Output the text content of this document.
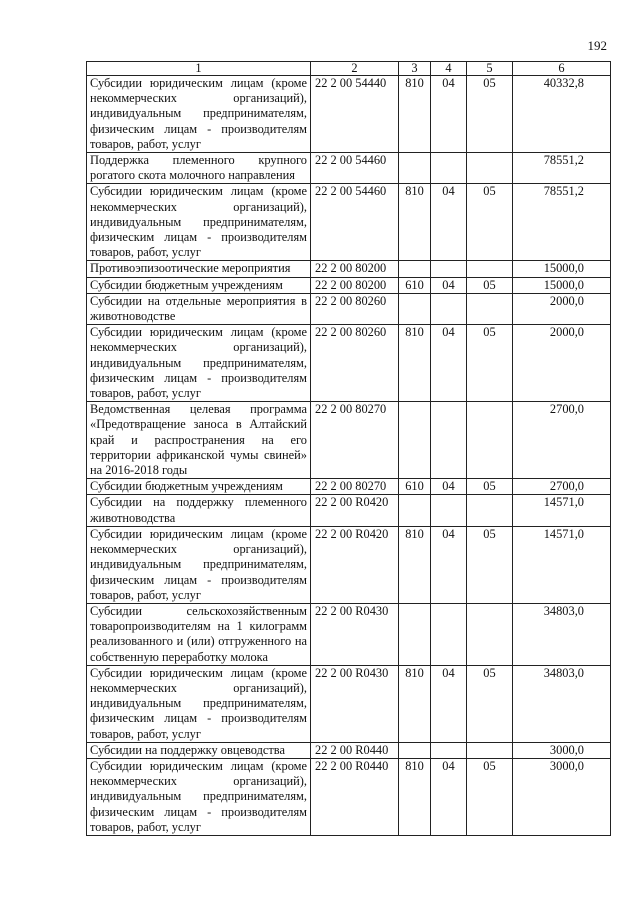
192
1	2	3	4	5	6
Субсидии юридическим лицам (кроме некоммерческих организаций), индивидуальным предпринимателям, физическим лицам - производителям товаров, работ, услуг	22 2 00 54440	810	04	05	40332,8
Поддержка племенного крупного рогатого скота молочного направления	22 2 00 54460				78551,2
Субсидии юридическим лицам (кроме некоммерческих организаций), индивидуальным предпринимателям, физическим лицам - производителям товаров, работ, услуг	22 2 00 54460	810	04	05	78551,2
Противоэпизоотические мероприятия	22 2 00 80200				15000,0
Субсидии бюджетным учреждениям	22 2 00 80200	610	04	05	15000,0
Субсидии на отдельные мероприятия в животноводстве	22 2 00 80260				2000,0
Субсидии юридическим лицам (кроме некоммерческих организаций), индивидуальным предпринимателям, физическим лицам - производителям товаров, работ, услуг	22 2 00 80260	810	04	05	2000,0
Ведомственная целевая программа «Предотвращение заноса в Алтайский край и распространения на его территории африканской чумы свиней» на 2016-2018 годы	22 2 00 80270				2700,0
Субсидии бюджетным учреждениям	22 2 00 80270	610	04	05	2700,0
Субсидии на поддержку племенного животноводства	22 2 00 R0420				14571,0
Субсидии юридическим лицам (кроме некоммерческих организаций), индивидуальным предпринимателям, физическим лицам - производителям товаров, работ, услуг	22 2 00 R0420	810	04	05	14571,0
Субсидии сельскохозяйственным товаропроизводителям на 1 килограмм реализованного и (или) отгруженного на собственную переработку молока	22 2 00 R0430				34803,0
Субсидии юридическим лицам (кроме некоммерческих организаций), индивидуальным предпринимателям, физическим лицам - производителям товаров, работ, услуг	22 2 00 R0430	810	04	05	34803,0
Субсидии на поддержку овцеводства	22 2 00 R0440				3000,0
Субсидии юридическим лицам (кроме некоммерческих организаций), индивидуальным предпринимателям, физическим лицам - производителям товаров, работ, услуг	22 2 00 R0440	810	04	05	3000,0
